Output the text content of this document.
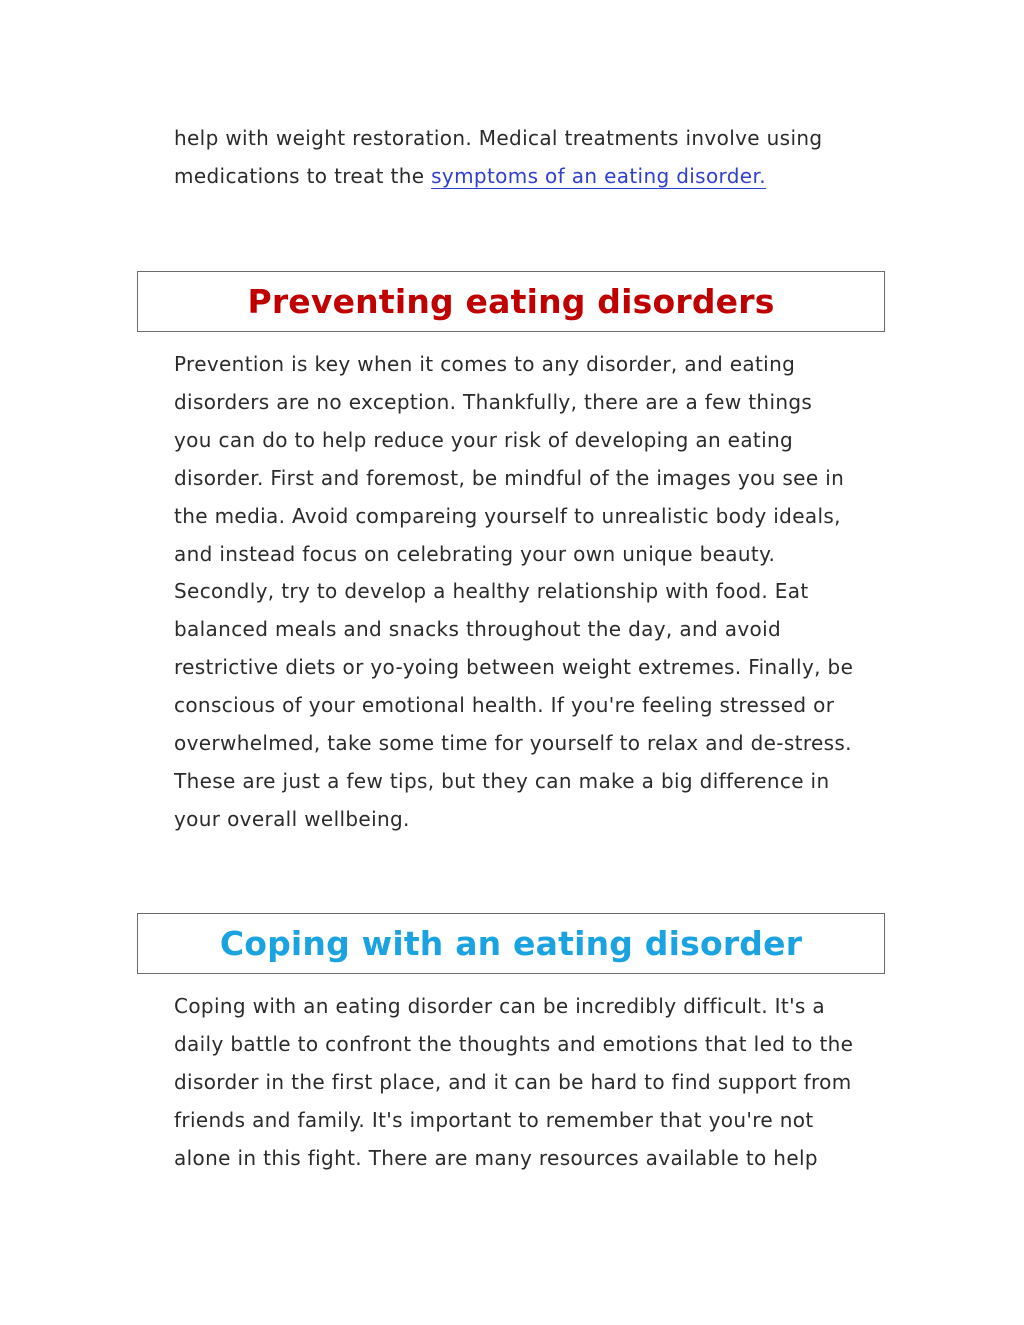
help with weight restoration. Medical treatments involve using
medications to treat the symptoms of an eating disorder.

Preventing eating disorders

Prevention is key when it comes to any disorder, and eating
disorders are no exception. Thankfully, there are a few things
you can do to help reduce your risk of developing an eating
disorder. First and foremost, be mindful of the images you see in
the media. Avoid compareing yourself to unrealistic body ideals,
and instead focus on celebrating your own unique beauty.
Secondly, try to develop a healthy relationship with food. Eat
balanced meals and snacks throughout the day, and avoid
restrictive diets or yo-yoing between weight extremes. Finally, be
conscious of your emotional health. If you're feeling stressed or
overwhelmed, take some time for yourself to relax and de-stress.
These are just a few tips, but they can make a big difference in
your overall wellbeing.

Coping with an eating disorder

Coping with an eating disorder can be incredibly difficult. It's a
daily battle to confront the thoughts and emotions that led to the
disorder in the first place, and it can be hard to find support from
friends and family. It's important to remember that you're not
alone in this fight. There are many resources available to help
